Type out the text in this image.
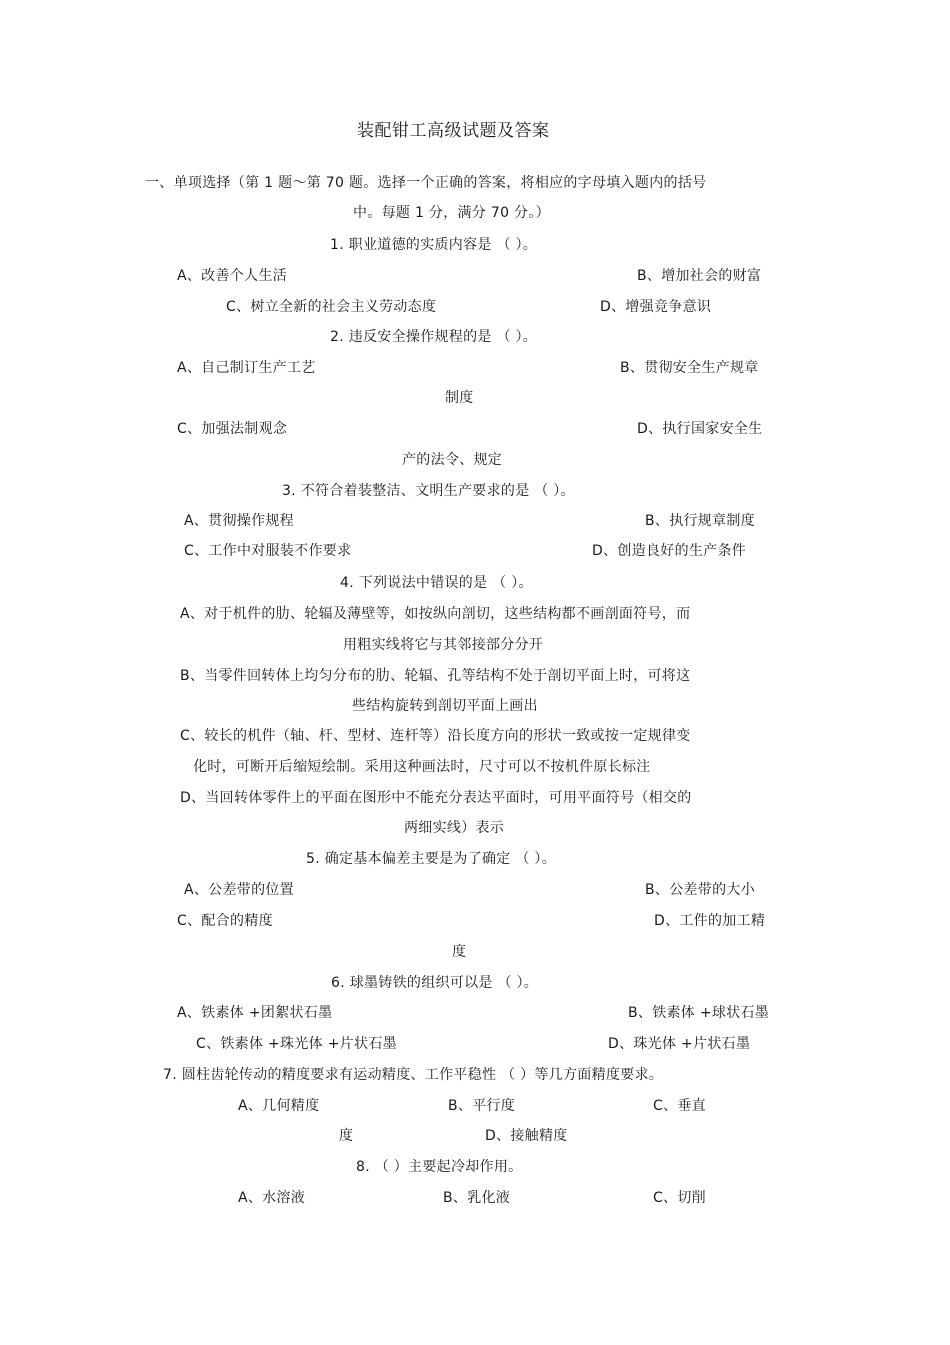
装配钳工高级试题及答案
一、单项选择（第 1 题～第 70 题。选择一个正确的答案，将相应的字母填入题内的括号
中。每题 1 分，满分 70 分。）
1. 职业道德的实质内容是 （ ）。
A、改善个人生活	B、增加社会的财富
C、树立全新的社会主义劳动态度	D、增强竞争意识
2. 违反安全操作规程的是 （ ）。
A、自己制订生产工艺	B、贯彻安全生产规章
制度
C、加强法制观念	D、执行国家安全生
产的法令、规定
3. 不符合着装整洁、文明生产要求的是 （ ）。
A、贯彻操作规程	B、执行规章制度
C、工作中对服装不作要求	D、创造良好的生产条件
4. 下列说法中错误的是 （ ）。
A、对于机件的肋、轮辐及薄壁等，如按纵向剖切，这些结构都不画剖面符号，而
用粗实线将它与其邻接部分分开
B、当零件回转体上均匀分布的肋、轮辐、孔等结构不处于剖切平面上时，可将这
些结构旋转到剖切平面上画出
C、较长的机件（轴、杆、型材、连杆等）沿长度方向的形状一致或按一定规律变
化时，可断开后缩短绘制。采用这种画法时，尺寸可以不按机件原长标注
D、当回转体零件上的平面在图形中不能充分表达平面时，可用平面符号（相交的
两细实线）表示
5. 确定基本偏差主要是为了确定 （ ）。
A、公差带的位置	B、公差带的大小
C、配合的精度	D、工件的加工精
度
6. 球墨铸铁的组织可以是 （ ）。
A、铁素体 +团絮状石墨	B、铁素体 +球状石墨
C、铁素体 +珠光体 +片状石墨	D、珠光体 +片状石墨
7. 圆柱齿轮传动的精度要求有运动精度、工作平稳性 （ ）等几方面精度要求。
A、几何精度	B、平行度	C、垂直
度	D、接触精度
8. （ ）主要起冷却作用。
A、水溶液	B、乳化液	C、切削
